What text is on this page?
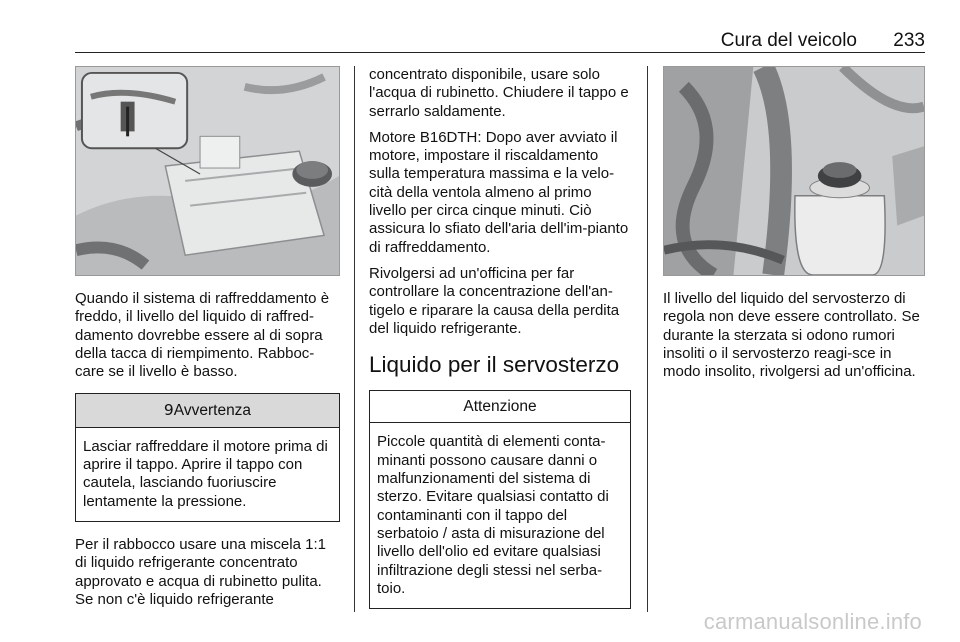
Cura del veicolo 233

Quando il sistema di raffreddamento è freddo, il livello del liquido di raffred-damento dovrebbe essere al di sopra della tacca di riempimento. Rabboc-care se il livello è basso.

9Avvertenza
Lasciar raffreddare il motore prima di aprire il tappo. Aprire il tappo con cautela, lasciando fuoriuscire lentamente la pressione.

Per il rabbocco usare una miscela 1:1 di liquido refrigerante concentrato approvato e acqua di rubinetto pulita. Se non c'è liquido refrigerante

concentrato disponibile, usare solo l'acqua di rubinetto. Chiudere il tappo e serrarlo saldamente.

Motore B16DTH: Dopo aver avviato il motore, impostare il riscaldamento sulla temperatura massima e la velo-cità della ventola almeno al primo livello per circa cinque minuti. Ciò assicura lo sfiato dell'aria dell'im-pianto di raffreddamento.

Rivolgersi ad un'officina per far controllare la concentrazione dell'an-tigelo e riparare la causa della perdita del liquido refrigerante.

Liquido per il servosterzo
Attenzione
Piccole quantità di elementi conta-minanti possono causare danni o malfunzionamenti del sistema di sterzo. Evitare qualsiasi contatto di contaminanti con il tappo del serbatoio / asta di misurazione del livello dell'olio ed evitare qualsiasi infiltrazione degli stessi nel serba-toio.

Il livello del liquido del servosterzo di regola non deve essere controllato. Se durante la sterzata si odono rumori insoliti o il servosterzo reagi-sce in modo insolito, rivolgersi ad un'officina.

carmanualsonline.info
